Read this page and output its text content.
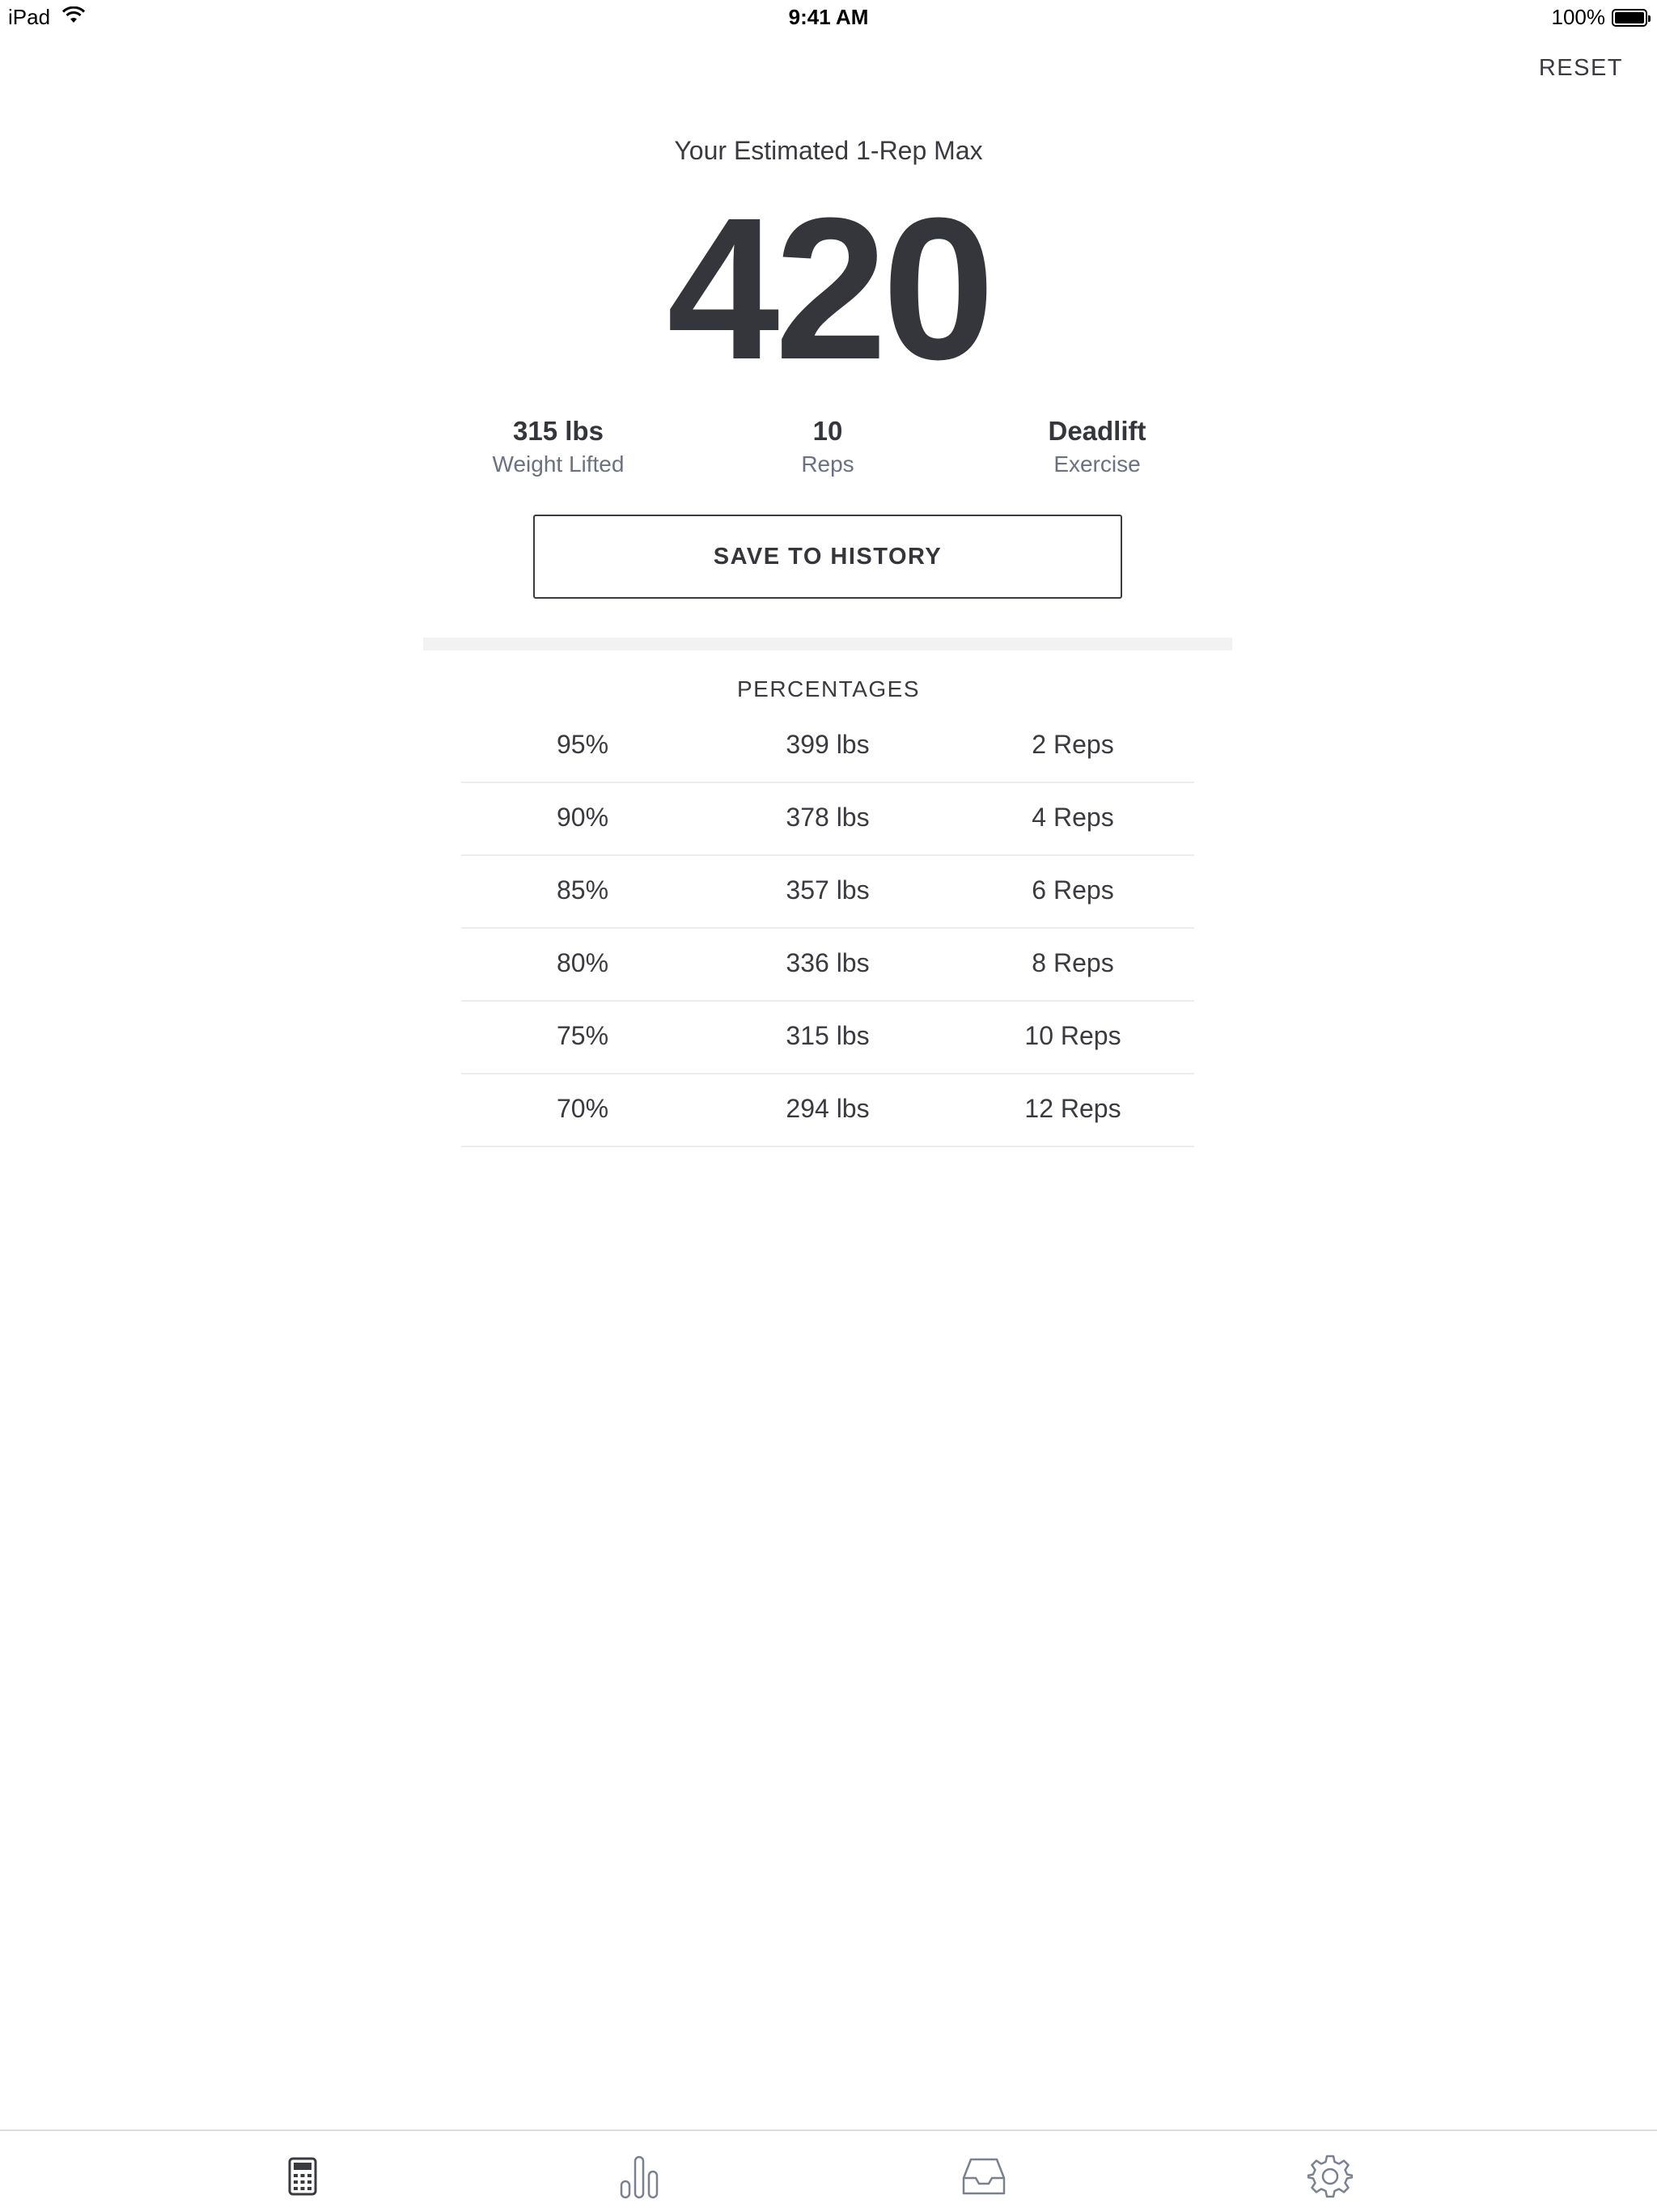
iPad	9:41 AM	100%
RESET
Your Estimated 1-Rep Max
420
315 lbs
Weight Lifted
10
Reps
Deadlift
Exercise
SAVE TO HISTORY
PERCENTAGES
95%	399 lbs	2 Reps
90%	378 lbs	4 Reps
85%	357 lbs	6 Reps
80%	336 lbs	8 Reps
75%	315 lbs	10 Reps
70%	294 lbs	12 Reps
